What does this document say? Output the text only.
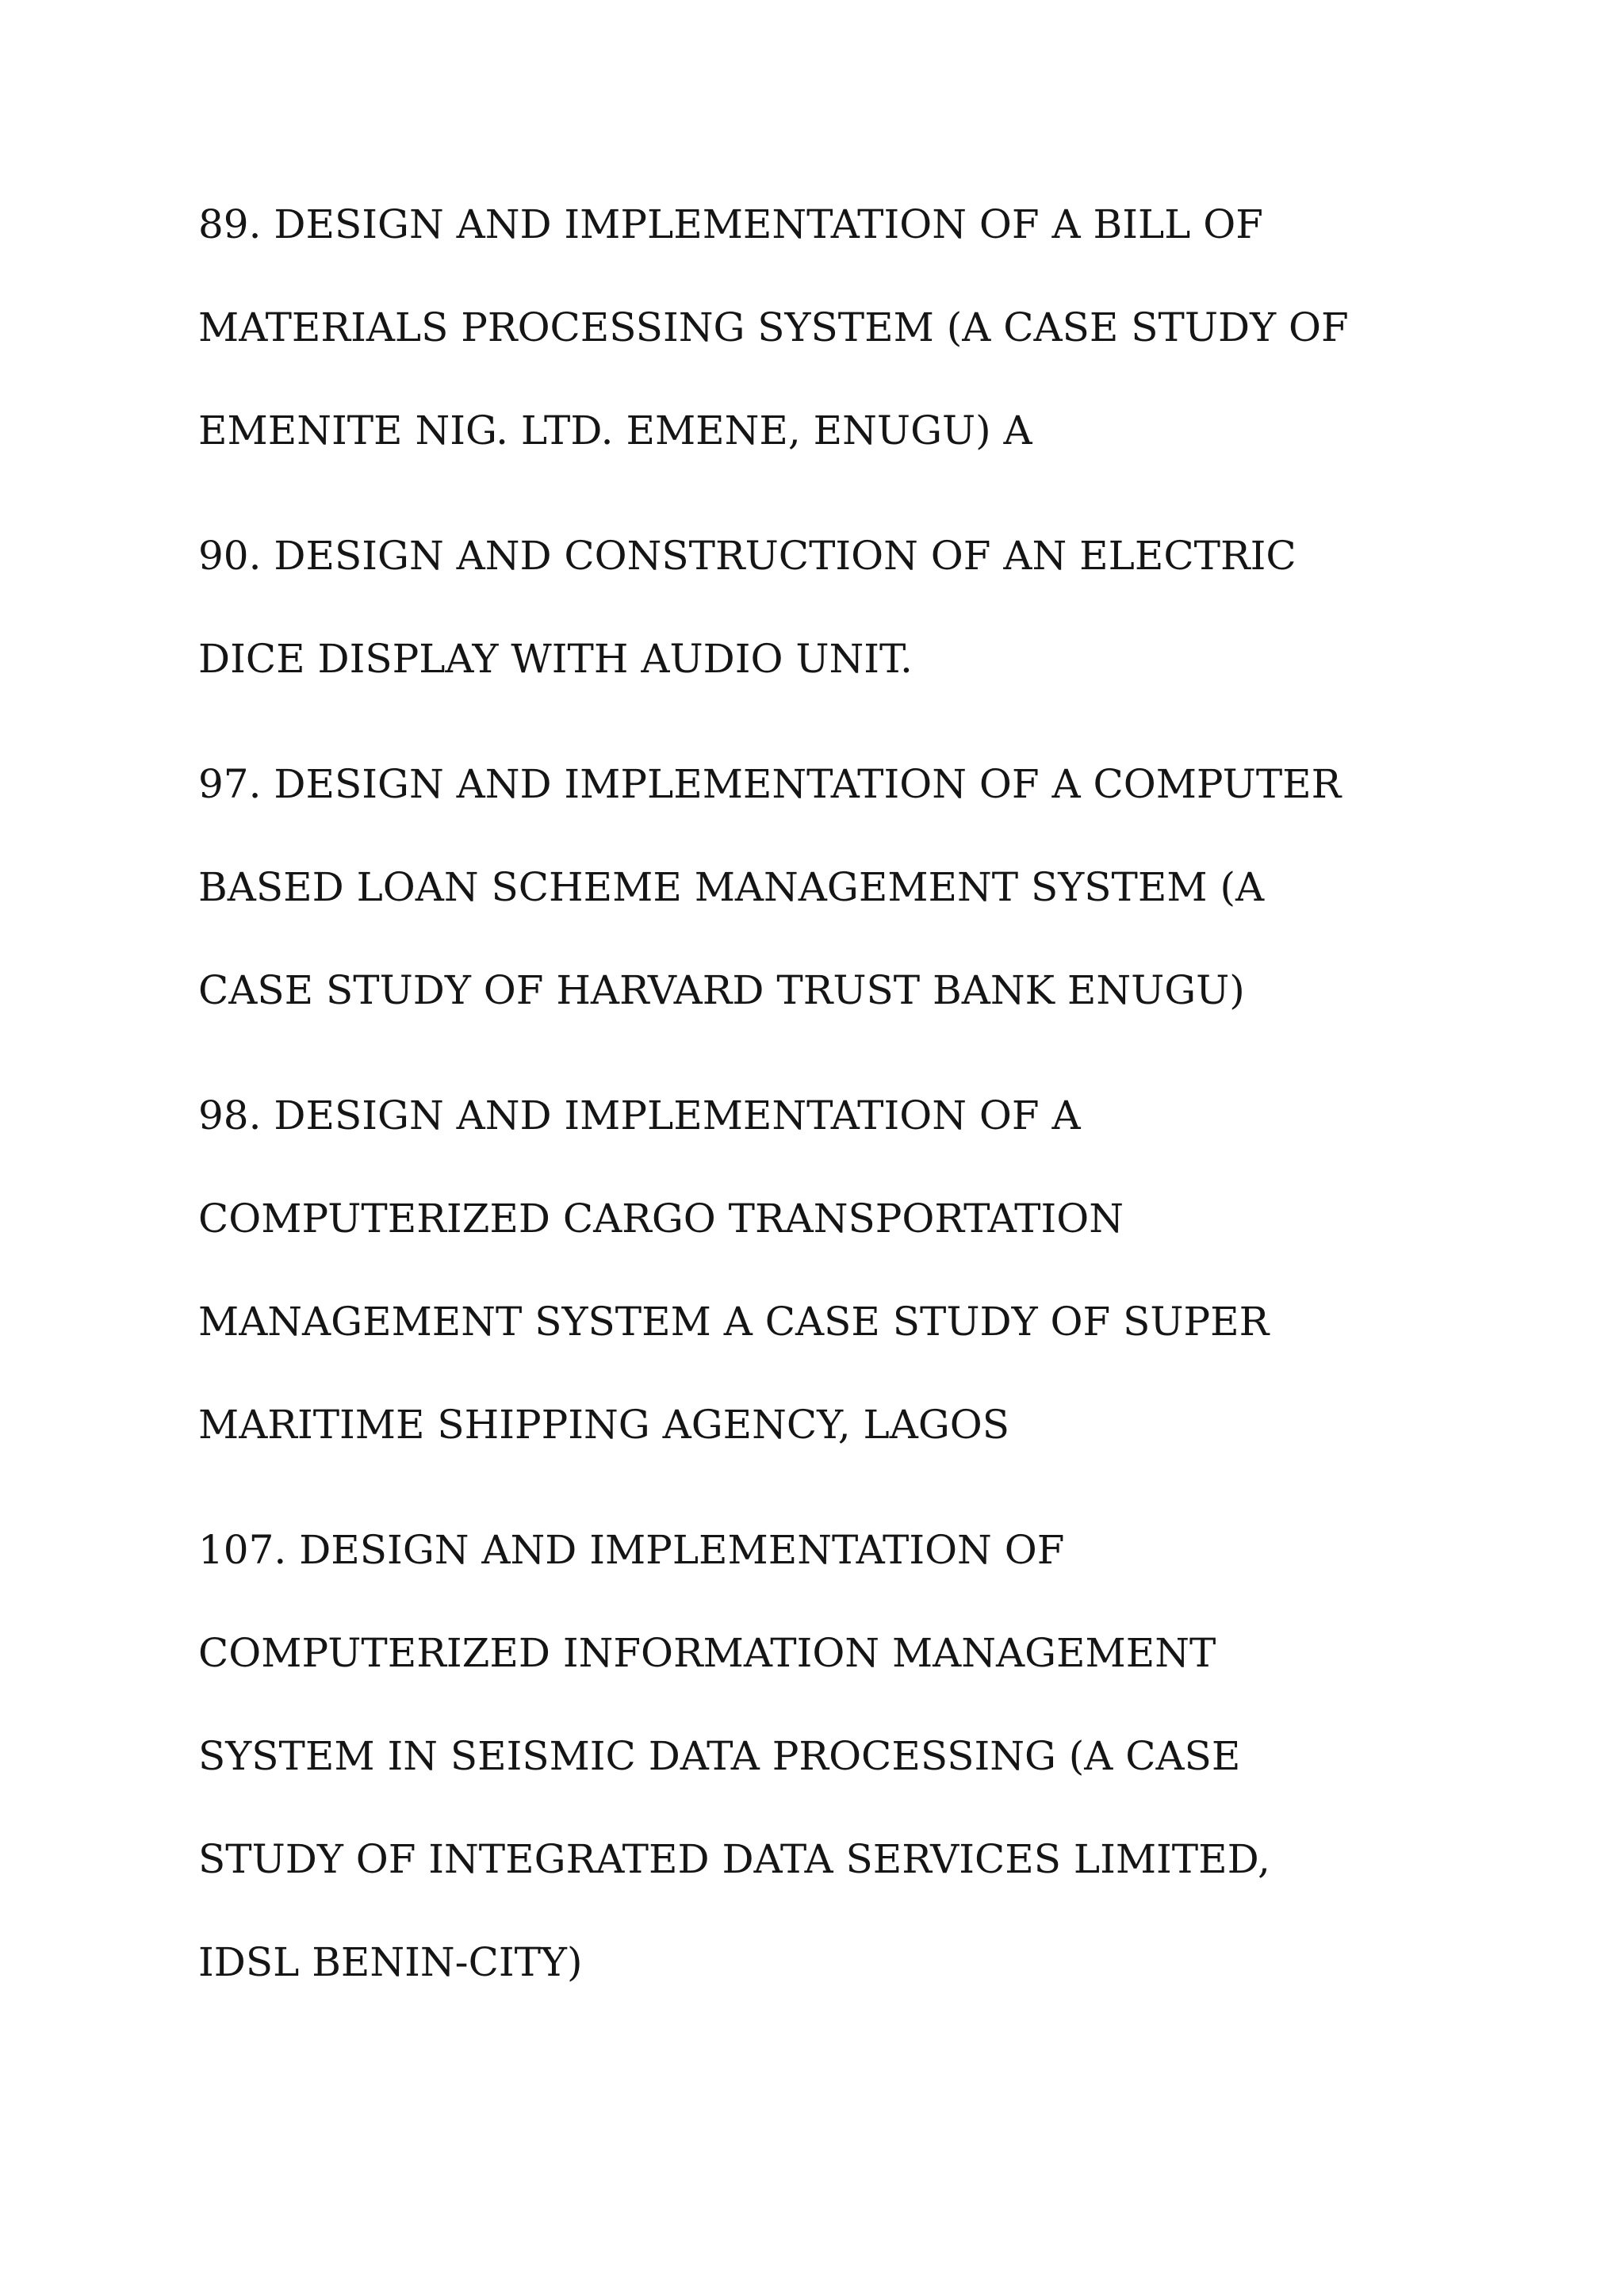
89. DESIGN AND IMPLEMENTATION OF A BILL OF
MATERIALS PROCESSING SYSTEM (A CASE STUDY OF
EMENITE NIG. LTD. EMENE, ENUGU) A
90. DESIGN AND CONSTRUCTION OF AN ELECTRIC
DICE DISPLAY WITH AUDIO UNIT.
97. DESIGN AND IMPLEMENTATION OF A COMPUTER
BASED LOAN SCHEME MANAGEMENT SYSTEM (A
CASE STUDY OF HARVARD TRUST BANK ENUGU)
98. DESIGN AND IMPLEMENTATION OF A
COMPUTERIZED CARGO TRANSPORTATION
MANAGEMENT SYSTEM A CASE STUDY OF SUPER
MARITIME SHIPPING AGENCY, LAGOS
107. DESIGN AND IMPLEMENTATION OF
COMPUTERIZED INFORMATION MANAGEMENT
SYSTEM IN SEISMIC DATA PROCESSING (A CASE
STUDY OF INTEGRATED DATA SERVICES LIMITED,
IDSL BENIN-CITY)
